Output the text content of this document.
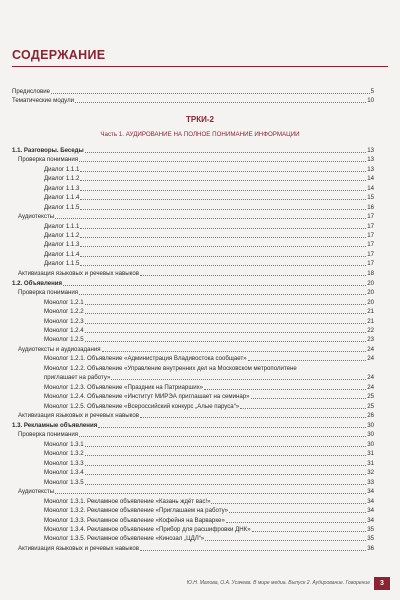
СОДЕРЖАНИЕ
Предисловие	5
Тематические модули	10
ТРКИ-2
Часть 1. АУДИРОВАНИЕ НА ПОЛНОЕ ПОНИМАНИЕ ИНФОРМАЦИИ
1.1. Разговоры. Беседы	13
Проверка понимания	13
Диалог 1.1.1	13
Диалог 1.1.2	14
Диалог 1.1.3	14
Диалог 1.1.4	15
Диалог 1.1.5	16
Аудиотексты	17
Диалог 1.1.1	17
Диалог 1.1.2	17
Диалог 1.1.3	17
Диалог 1.1.4	17
Диалог 1.1.5	17
Активизация языковых и речевых навыков	18
1.2. Объявления	20
Проверка понимания	20
Монолог 1.2.1	20
Монолог 1.2.2	21
Монолог 1.2.3	21
Монолог 1.2.4	22
Монолог 1.2.5	23
Аудиотексты и аудиозадания	24
Монолог 1.2.1. Объявление «Администрация Владивостока сообщает»	24
Монолог 1.2.2. Объявление «Управление внутренних дел на Московском метрополитене
приглашает на работу»	24
Монолог 1.2.3. Объявление «Праздник на Патриарших»	24
Монолог 1.2.4. Объявление «Институт МИРЭА приглашает на семинар»	25
Монолог 1.2.5. Объявление «Всероссийский конкурс „Алые паруса“»	25
Активизация языковых и речевых навыков	26
1.3. Рекламные объявления	30
Проверка понимания	30
Монолог 1.3.1	30
Монолог 1.3.2	31
Монолог 1.3.3	31
Монолог 1.3.4	32
Монолог 1.3.5	33
Аудиотексты	34
Монолог 1.3.1. Рекламное объявление «Казань ждёт вас!»	34
Монолог 1.3.2. Рекламное объявление «Приглашаем на работу»	34
Монолог 1.3.3. Рекламное объявление «Кофейня на Варварке»	34
Монолог 1.3.4. Рекламное объявление «Прибор для расшифровки ДНК»	35
Монолог 1.3.5. Рекламное объявление «Кинозал „ЦДЛ“»	35
Активизация языковых и речевых навыков	36
Ю.Н. Малова, О.А. Усачева. В мире медиа. Выпуск 2. Аудирование. Говорение	3
